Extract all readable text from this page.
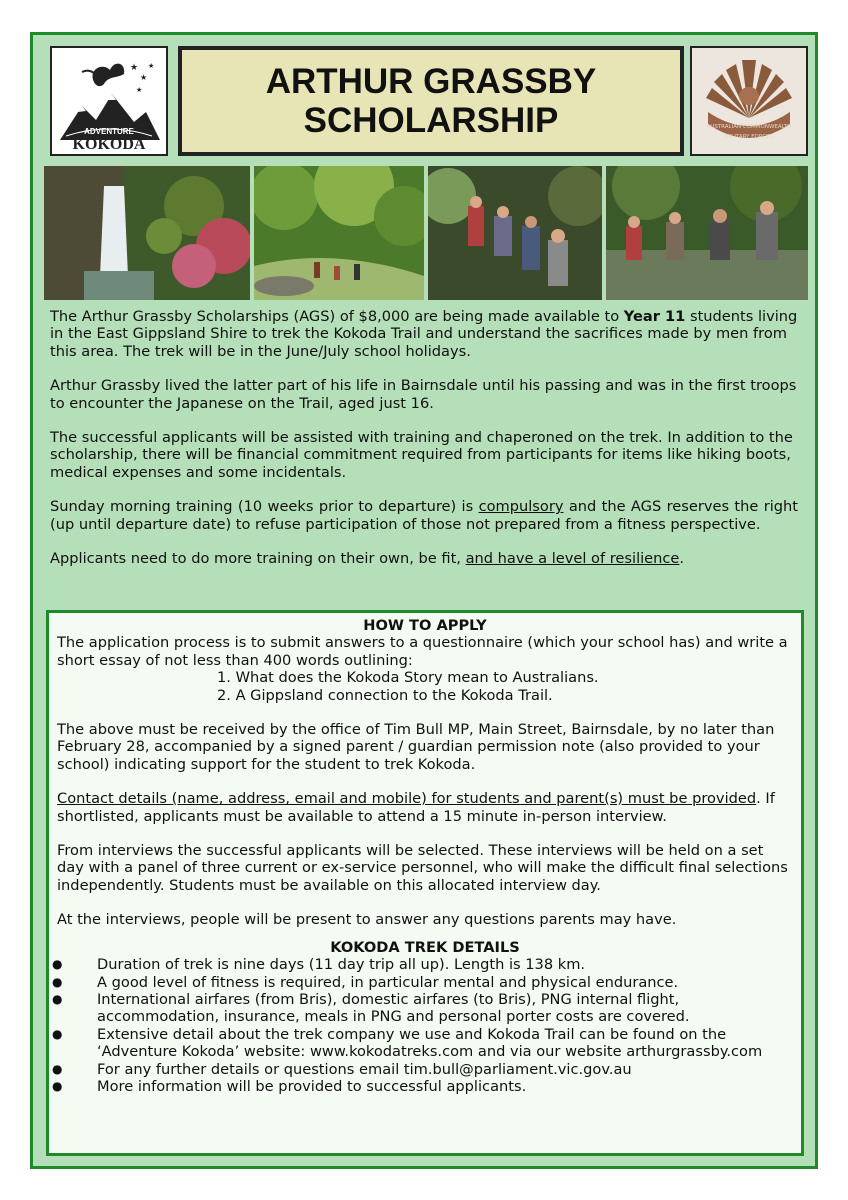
★
★
★
★
ADVENTURE
KOKODA
ARTHUR GRASSBY
SCHOLARSHIP	AUSTRALIAN COMMONWEALTH
MILITARY FORCES

The Arthur Grassby Scholarships (AGS) of $8,000 are being made available to Year 11 students living in the East Gippsland Shire to trek the Kokoda Trail and understand the sacrifices made by men from this area. The trek will be in the June/July school holidays.

Arthur Grassby lived the latter part of his life in Bairnsdale until his passing and was in the first troops to encounter the Japanese on the Trail, aged just 16.

The successful applicants will be assisted with training and chaperoned on the trek. In addition to the scholarship, there will be financial commitment required from participants for items like hiking boots, medical expenses and some incidentals.

Sunday morning training (10 weeks prior to departure) is compulsory and the AGS reserves the right (up until departure date) to refuse participation of those not prepared from a fitness perspective.

Applicants need to do more training on their own, be fit, and have a level of resilience.

HOW TO APPLY

The application process is to submit answers to a questionnaire (which your school has) and write a short essay of not less than 400 words outlining:

1. What does the Kokoda Story mean to Australians.
2. A Gippsland connection to the Kokoda Trail.

The above must be received by the office of Tim Bull MP, Main Street, Bairnsdale, by no later than February 28, accompanied by a signed parent / guardian permission note (also provided to your school) indicating support for the student to trek Kokoda.

Contact details (name, address, email and mobile) for students and parent(s) must be provided. If shortlisted, applicants must be available to attend a 15 minute in-person interview.

From interviews the successful applicants will be selected. These interviews will be held on a set day with a panel of three current or ex-service personnel, who will make the difficult final selections independently. Students must be available on this allocated interview day.

At the interviews, people will be present to answer any questions parents may have.

KOKODA TREK DETAILS
● Duration of trek is nine days (11 day trip all up). Length is 138 km.
● A good level of fitness is required, in particular mental and physical endurance.
● International airfares (from Bris), domestic airfares (to Bris), PNG internal flight, accommodation, insurance, meals in PNG and personal porter costs are covered.
● Extensive detail about the trek company we use and Kokoda Trail can be found on the ‘Adventure Kokoda’ website: www.kokodatreks.com and via our website arthurgrassby.com
● For any further details or questions email tim.bull@parliament.vic.gov.au
● More information will be provided to successful applicants.
